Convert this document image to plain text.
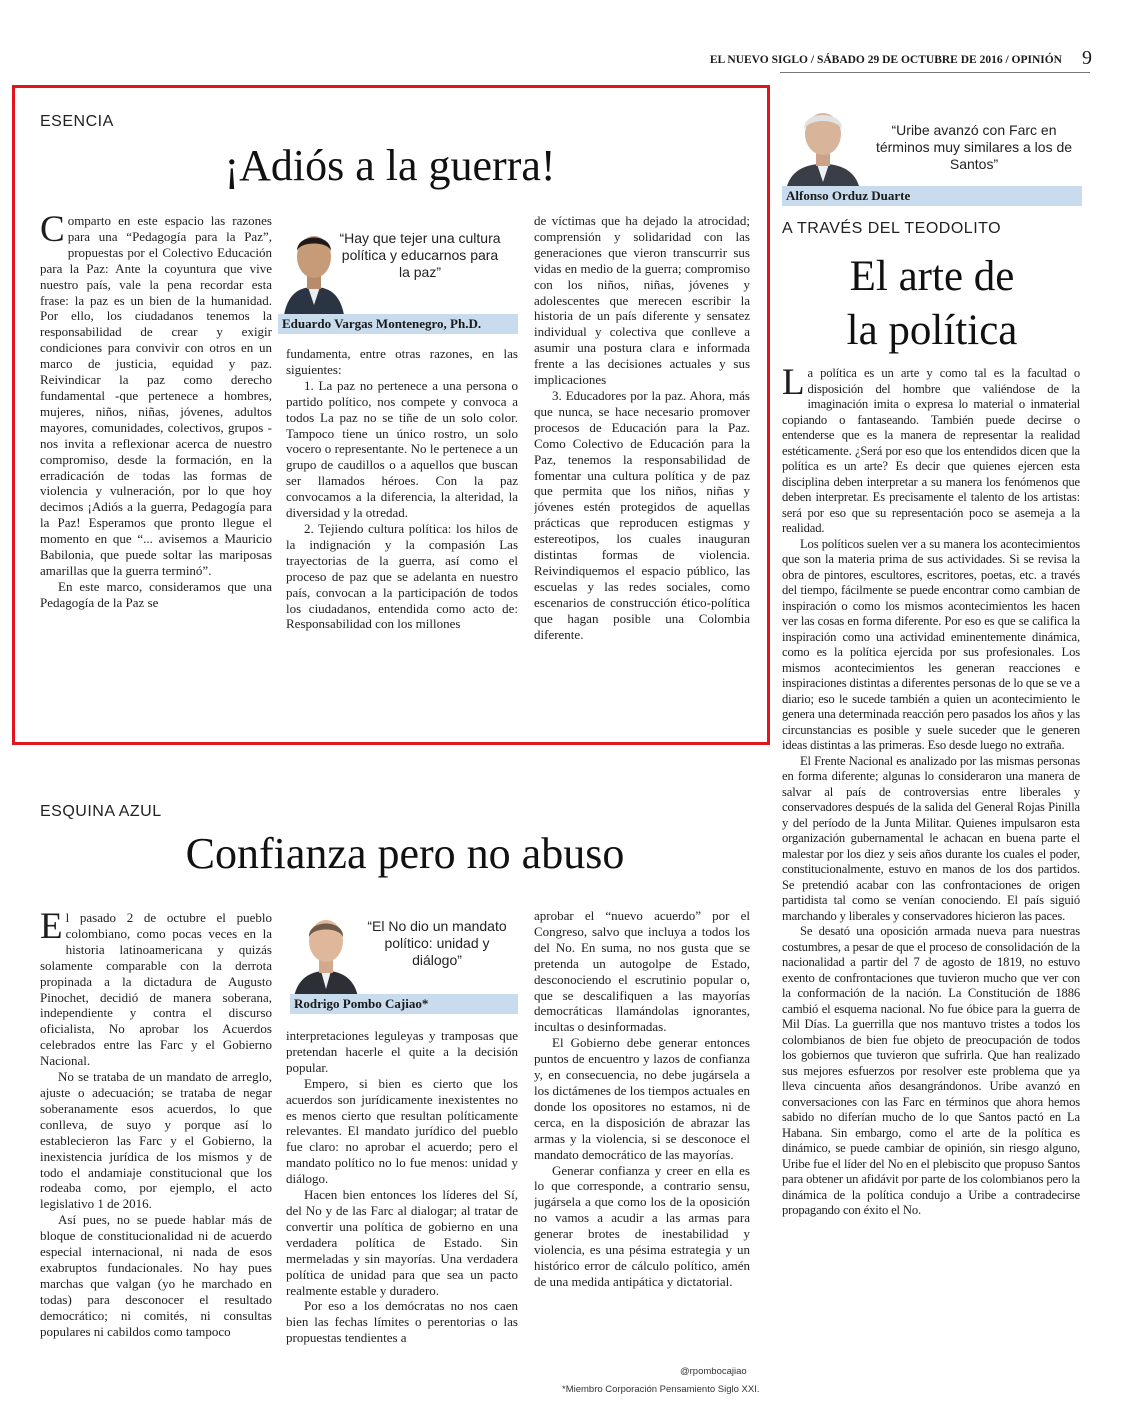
EL NUEVO SIGLO / SÁBADO 29 DE OCTUBRE DE 2016 / OPINIÓN 9
ESENCIA
¡Adiós a la guerra!

Comparto en este espacio las razones para una “Pedagogía para la Paz”, propuestas por el Colectivo Educación para la Paz: Ante la coyuntura que vive nuestro país, vale la pena recordar esta frase: la paz es un bien de la humanidad. Por ello, los ciudadanos tenemos la responsabilidad de crear y exigir condiciones para convivir con otros en un marco de justicia, equidad y paz. Reivindicar la paz como derecho fundamental -que pertenece a hombres, mujeres, niños, niñas, jóvenes, adultos mayores, comunidades, colectivos, grupos - nos invita a reflexionar acerca de nuestro compromiso, desde la formación, en la erradicación de todas las formas de violencia y vulneración, por lo que hoy decimos ¡Adiós a la guerra, Pedagogía para la Paz! Esperamos que pronto llegue el momento en que “... avisemos a Mauricio Babilonia, que puede soltar las mariposas amarillas que la guerra terminó”.

En este marco, consideramos que una Pedagogía de la Paz se

“Hay que tejer una cultura política y educarnos para la paz”
Eduardo Vargas Montenegro, Ph.D.

fundamenta, entre otras razones, en las siguientes:

1. La paz no pertenece a una persona o partido político, nos compete y convoca a todos La paz no se tiñe de un solo color. Tampoco tiene un único rostro, un solo vocero o representante. No le pertenece a un grupo de caudillos o a aquellos que buscan ser llamados héroes. Con la paz convocamos a la diferencia, la alteridad, la diversidad y la otredad.

2. Tejiendo cultura política: los hilos de la indignación y la compasión Las trayectorias de la guerra, así como el proceso de paz que se adelanta en nuestro país, convocan a la participación de todos los ciudadanos, entendida como acto de: Responsabilidad con los millones

de víctimas que ha dejado la atrocidad; comprensión y solidaridad con las generaciones que vieron transcurrir sus vidas en medio de la guerra; compromiso con los niños, niñas, jóvenes y adolescentes que merecen escribir la historia de un país diferente y sensatez individual y colectiva que conlleve a asumir una postura clara e informada frente a las decisiones actuales y sus implicaciones

3. Educadores por la paz. Ahora, más que nunca, se hace necesario promover procesos de Educación para la Paz. Como Colectivo de Educación para la Paz, tenemos la responsabilidad de fomentar una cultura política y de paz que permita que los niños, niñas y jóvenes estén protegidos de aquellas prácticas que reproducen estigmas y estereotipos, los cuales inauguran distintas formas de violencia. Reivindiquemos el espacio público, las escuelas y las redes sociales, como escenarios de construcción ético-política que hagan posible una Colombia diferente.

“Uribe avanzó con Farc en términos muy similares a los de Santos”
Alfonso Orduz Duarte
A TRAVÉS DEL TEODOLITO
El arte de
la política

La política es un arte y como tal es la facultad o disposición del hombre que valiéndose de la imaginación imita o expresa lo material o inmaterial copiando o fantaseando. También puede decirse o entenderse que es la manera de representar la realidad estéticamente. ¿Será por eso que los entendidos dicen que la política es un arte? Es decir que quienes ejercen esta disciplina deben interpretar a su manera los fenómenos que deben interpretar. Es precisamente el talento de los artistas: será por eso que su representación poco se asemeja a la realidad.

Los políticos suelen ver a su manera los acontecimientos que son la materia prima de sus actividades. Si se revisa la obra de pintores, escultores, escritores, poetas, etc. a través del tiempo, fácilmente se puede encontrar como cambian de inspiración o como los mismos acontecimientos les hacen ver las cosas en forma diferente. Por eso es que se califica la inspiración como una actividad eminentemente dinámica, como es la política ejercida por sus profesionales. Los mismos acontecimientos les generan reacciones e inspiraciones distintas a diferentes personas de lo que se ve a diario; eso le sucede también a quien un acontecimiento le genera una determinada reacción pero pasados los años y las circunstancias es posible y suele suceder que le generen ideas distintas a las primeras. Eso desde luego no extraña.

El Frente Nacional es analizado por las mismas personas en forma diferente; algunas lo consideraron una manera de salvar al país de controversias entre liberales y conservadores después de la salida del General Rojas Pinilla y del período de la Junta Militar. Quienes impulsaron esta organización gubernamental le achacan en buena parte el malestar por los diez y seis años durante los cuales el poder, constitucionalmente, estuvo en manos de los dos partidos. Se pretendió acabar con las confrontaciones de origen partidista tal como se venían conociendo. El país siguió marchando y liberales y conservadores hicieron las paces.

Se desató una oposición armada nueva para nuestras costumbres, a pesar de que el proceso de consolidación de la nacionalidad a partir del 7 de agosto de 1819, no estuvo exento de confrontaciones que tuvieron mucho que ver con la conformación de la nación. La Constitución de 1886 cambió el esquema nacional. No fue óbice para la guerra de Mil Días. La guerrilla que nos mantuvo tristes a todos los colombianos de bien fue objeto de preocupación de todos los gobiernos que tuvieron que sufrirla. Que han realizado sus mejores esfuerzos por resolver este problema que ya lleva cincuenta años desangrándonos. Uribe avanzó en conversaciones con las Farc en términos que ahora hemos sabido no diferían mucho de lo que Santos pactó en La Habana. Sin embargo, como el arte de la política es dinámico, se puede cambiar de opinión, sin riesgo alguno, Uribe fue el líder del No en el plebiscito que propuso Santos para obtener un afidávit por parte de los colombianos pero la dinámica de la política condujo a Uribe a contradecirse propagando con éxito el No.

ESQUINA AZUL
Confianza pero no abuso

El pasado 2 de octubre el pueblo colombiano, como pocas veces en la historia latinoamericana y quizás solamente comparable con la derrota propinada a la dictadura de Augusto Pinochet, decidió de manera soberana, independiente y contra el discurso oficialista, No aprobar los Acuerdos celebrados entre las Farc y el Gobierno Nacional.

No se trataba de un mandato de arreglo, ajuste o adecuación; se trataba de negar soberanamente esos acuerdos, lo que conlleva, de suyo y porque así lo establecieron las Farc y el Gobierno, la inexistencia jurídica de los mismos y de todo el andamiaje constitucional que los rodeaba como, por ejemplo, el acto legislativo 1 de 2016.

Así pues, no se puede hablar más de bloque de constitucionalidad ni de acuerdo especial internacional, ni nada de esos exabruptos fundacionales. No hay pues marchas que valgan (yo he marchado en todas) para desconocer el resultado democrático; ni comités, ni consultas populares ni cabildos como tampoco

“El No dio un mandato político: unidad y diálogo”
Rodrigo Pombo Cajiao*

interpretaciones leguleyas y tramposas que pretendan hacerle el quite a la decisión popular.

Empero, si bien es cierto que los acuerdos son jurídicamente inexistentes no es menos cierto que resultan políticamente relevantes. El mandato jurídico del pueblo fue claro: no aprobar el acuerdo; pero el mandato político no lo fue menos: unidad y diálogo.

Hacen bien entonces los líderes del Sí, del No y de las Farc al dialogar; al tratar de convertir una política de gobierno en una verdadera política de Estado. Sin mermeladas y sin mayorías. Una verdadera política de unidad para que sea un pacto realmente estable y duradero.

Por eso a los demócratas no nos caen bien las fechas límites o perentorias o las propuestas tendientes a

aprobar el “nuevo acuerdo” por el Congreso, salvo que incluya a todos los del No. En suma, no nos gusta que se pretenda un autogolpe de Estado, desconociendo el escrutinio popular o, que se descalifiquen a las mayorías democráticas llamándolas ignorantes, incultas o desinformadas.

El Gobierno debe generar entonces puntos de encuentro y lazos de confianza y, en consecuencia, no debe jugársela a los dictámenes de los tiempos actuales en donde los opositores no estamos, ni de cerca, en la disposición de abrazar las armas y la violencia, si se desconoce el mandato democrático de las mayorías.

Generar confianza y creer en ella es lo que corresponde, a contrario sensu, jugársela a que como los de la oposición no vamos a acudir a las armas para generar brotes de inestabilidad y violencia, es una pésima estrategia y un histórico error de cálculo político, amén de una medida antipática y dictatorial.

@rpombocajiao
*Miembro Corporación Pensamiento Siglo XXI.
